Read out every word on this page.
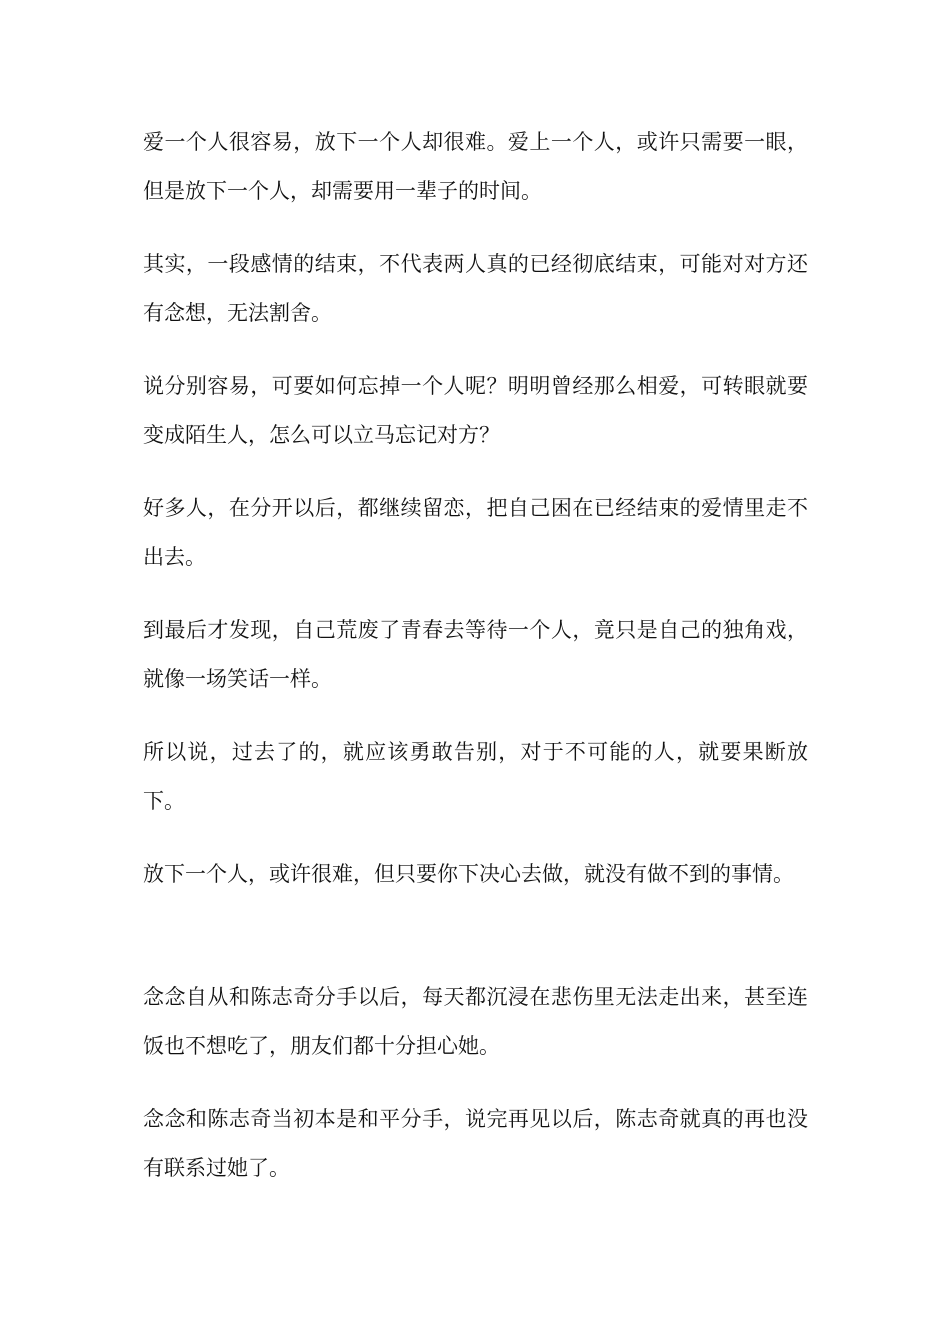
爱一个人很容易，放下一个人却很难。爱上一个人，或许只需要一眼，但是放下一个人，却需要用一辈子的时间。

其实，一段感情的结束，不代表两人真的已经彻底结束，可能对对方还有念想，无法割舍。

说分别容易，可要如何忘掉一个人呢？明明曾经那么相爱，可转眼就要变成陌生人，怎么可以立马忘记对方？

好多人，在分开以后，都继续留恋，把自己困在已经结束的爱情里走不出去。

到最后才发现，自己荒废了青春去等待一个人，竟只是自己的独角戏，就像一场笑话一样。

所以说，过去了的，就应该勇敢告别，对于不可能的人，就要果断放下。

放下一个人，或许很难，但只要你下决心去做，就没有做不到的事情。

念念自从和陈志奇分手以后，每天都沉浸在悲伤里无法走出来，甚至连饭也不想吃了，朋友们都十分担心她。

念念和陈志奇当初本是和平分手，说完再见以后，陈志奇就真的再也没有联系过她了。
